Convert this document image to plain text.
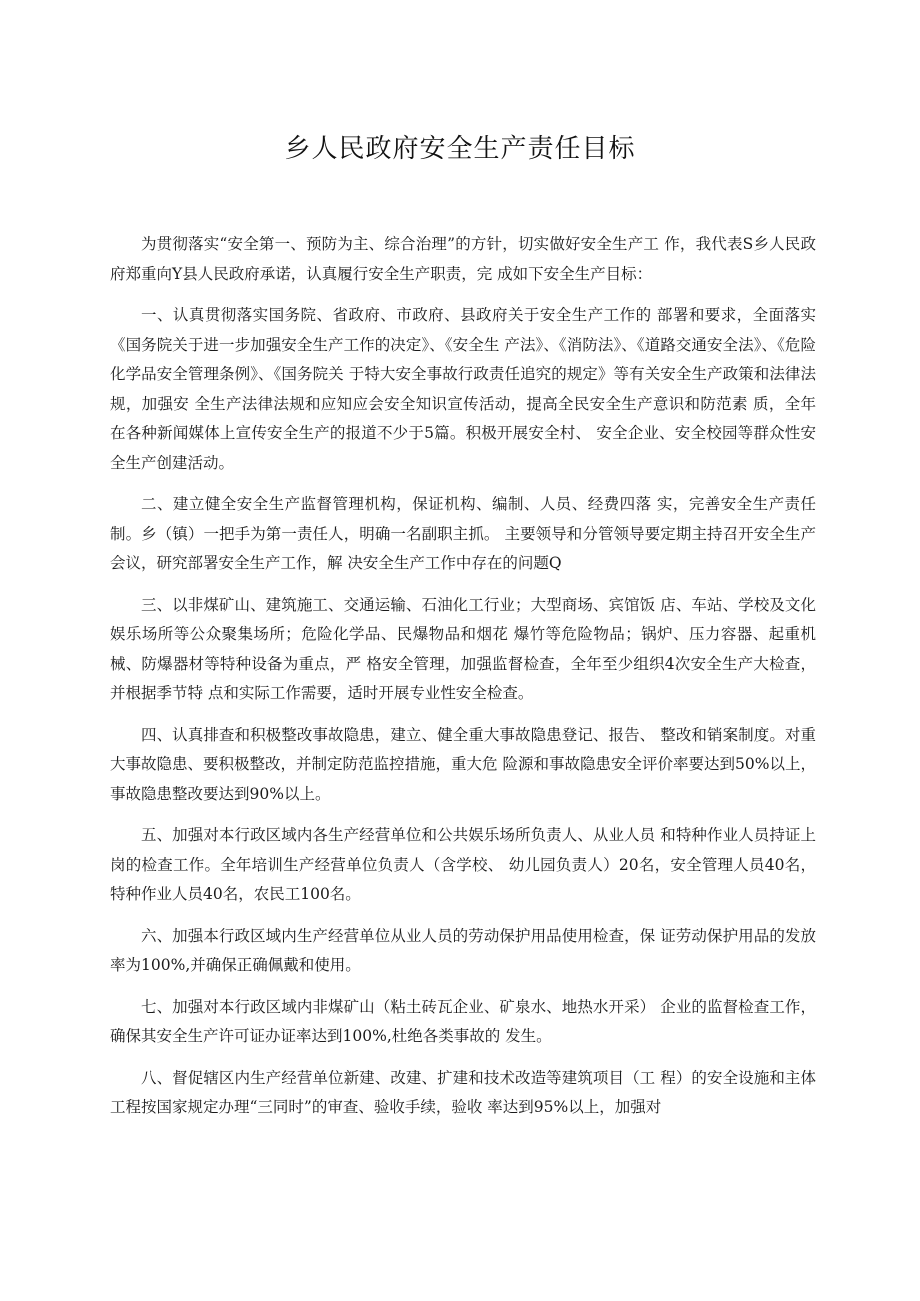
乡人民政府安全生产责任目标

为贯彻落实“安全第一、预防为主、综合治理”的方针，切实做好安全生产工 作，我代表S乡人民政府郑重向Y县人民政府承诺，认真履行安全生产职责，完 成如下安全生产目标：

一、认真贯彻落实国务院、省政府、市政府、县政府关于安全生产工作的 部署和要求，全面落实《国务院关于进一步加强安全生产工作的决定》、《安全生 产法》、《消防法》、《道路交通安全法》、《危险化学品安全管理条例》、《国务院关 于特大安全事故行政责任追究的规定》等有关安全生产政策和法律法规，加强安 全生产法律法规和应知应会安全知识宣传活动，提高全民安全生产意识和防范素 质，全年在各种新闻媒体上宣传安全生产的报道不少于5篇。积极开展安全村、 安全企业、安全校园等群众性安全生产创建活动。

二、建立健全安全生产监督管理机构，保证机构、编制、人员、经费四落 实，完善安全生产责任制。乡（镇）一把手为第一责任人，明确一名副职主抓。 主要领导和分管领导要定期主持召开安全生产会议，研究部署安全生产工作，解 决安全生产工作中存在的问题Q

三、以非煤矿山、建筑施工、交通运输、石油化工行业；大型商场、宾馆饭 店、车站、学校及文化娱乐场所等公众聚集场所；危险化学品、民爆物品和烟花 爆竹等危险物品；锅炉、压力容器、起重机械、防爆器材等特种设备为重点，严 格安全管理，加强监督检查，全年至少组织4次安全生产大检查，并根据季节特 点和实际工作需要，适时开展专业性安全检查。

四、认真排查和积极整改事故隐患，建立、健全重大事故隐患登记、报告、 整改和销案制度。对重大事故隐患、要积极整改，并制定防范监控措施，重大危 险源和事故隐患安全评价率要达到50%以上，事故隐患整改要达到90%以上。

五、加强对本行政区域内各生产经营单位和公共娱乐场所负责人、从业人员 和特种作业人员持证上岗的检查工作。全年培训生产经营单位负责人（含学校、 幼儿园负责人）20名，安全管理人员40名，特种作业人员40名，农民工100名。

六、加强本行政区域内生产经营单位从业人员的劳动保护用品使用检查，保 证劳动保护用品的发放率为100%,并确保正确佩戴和使用。

七、加强对本行政区域内非煤矿山（粘土砖瓦企业、矿泉水、地热水开采） 企业的监督检查工作，确保其安全生产许可证办证率达到100%,杜绝各类事故的 发生。

八、督促辖区内生产经营单位新建、改建、扩建和技术改造等建筑项目（工 程）的安全设施和主体工程按国家规定办理“三同时”的审查、验收手续，验收 率达到95%以上，加强对
